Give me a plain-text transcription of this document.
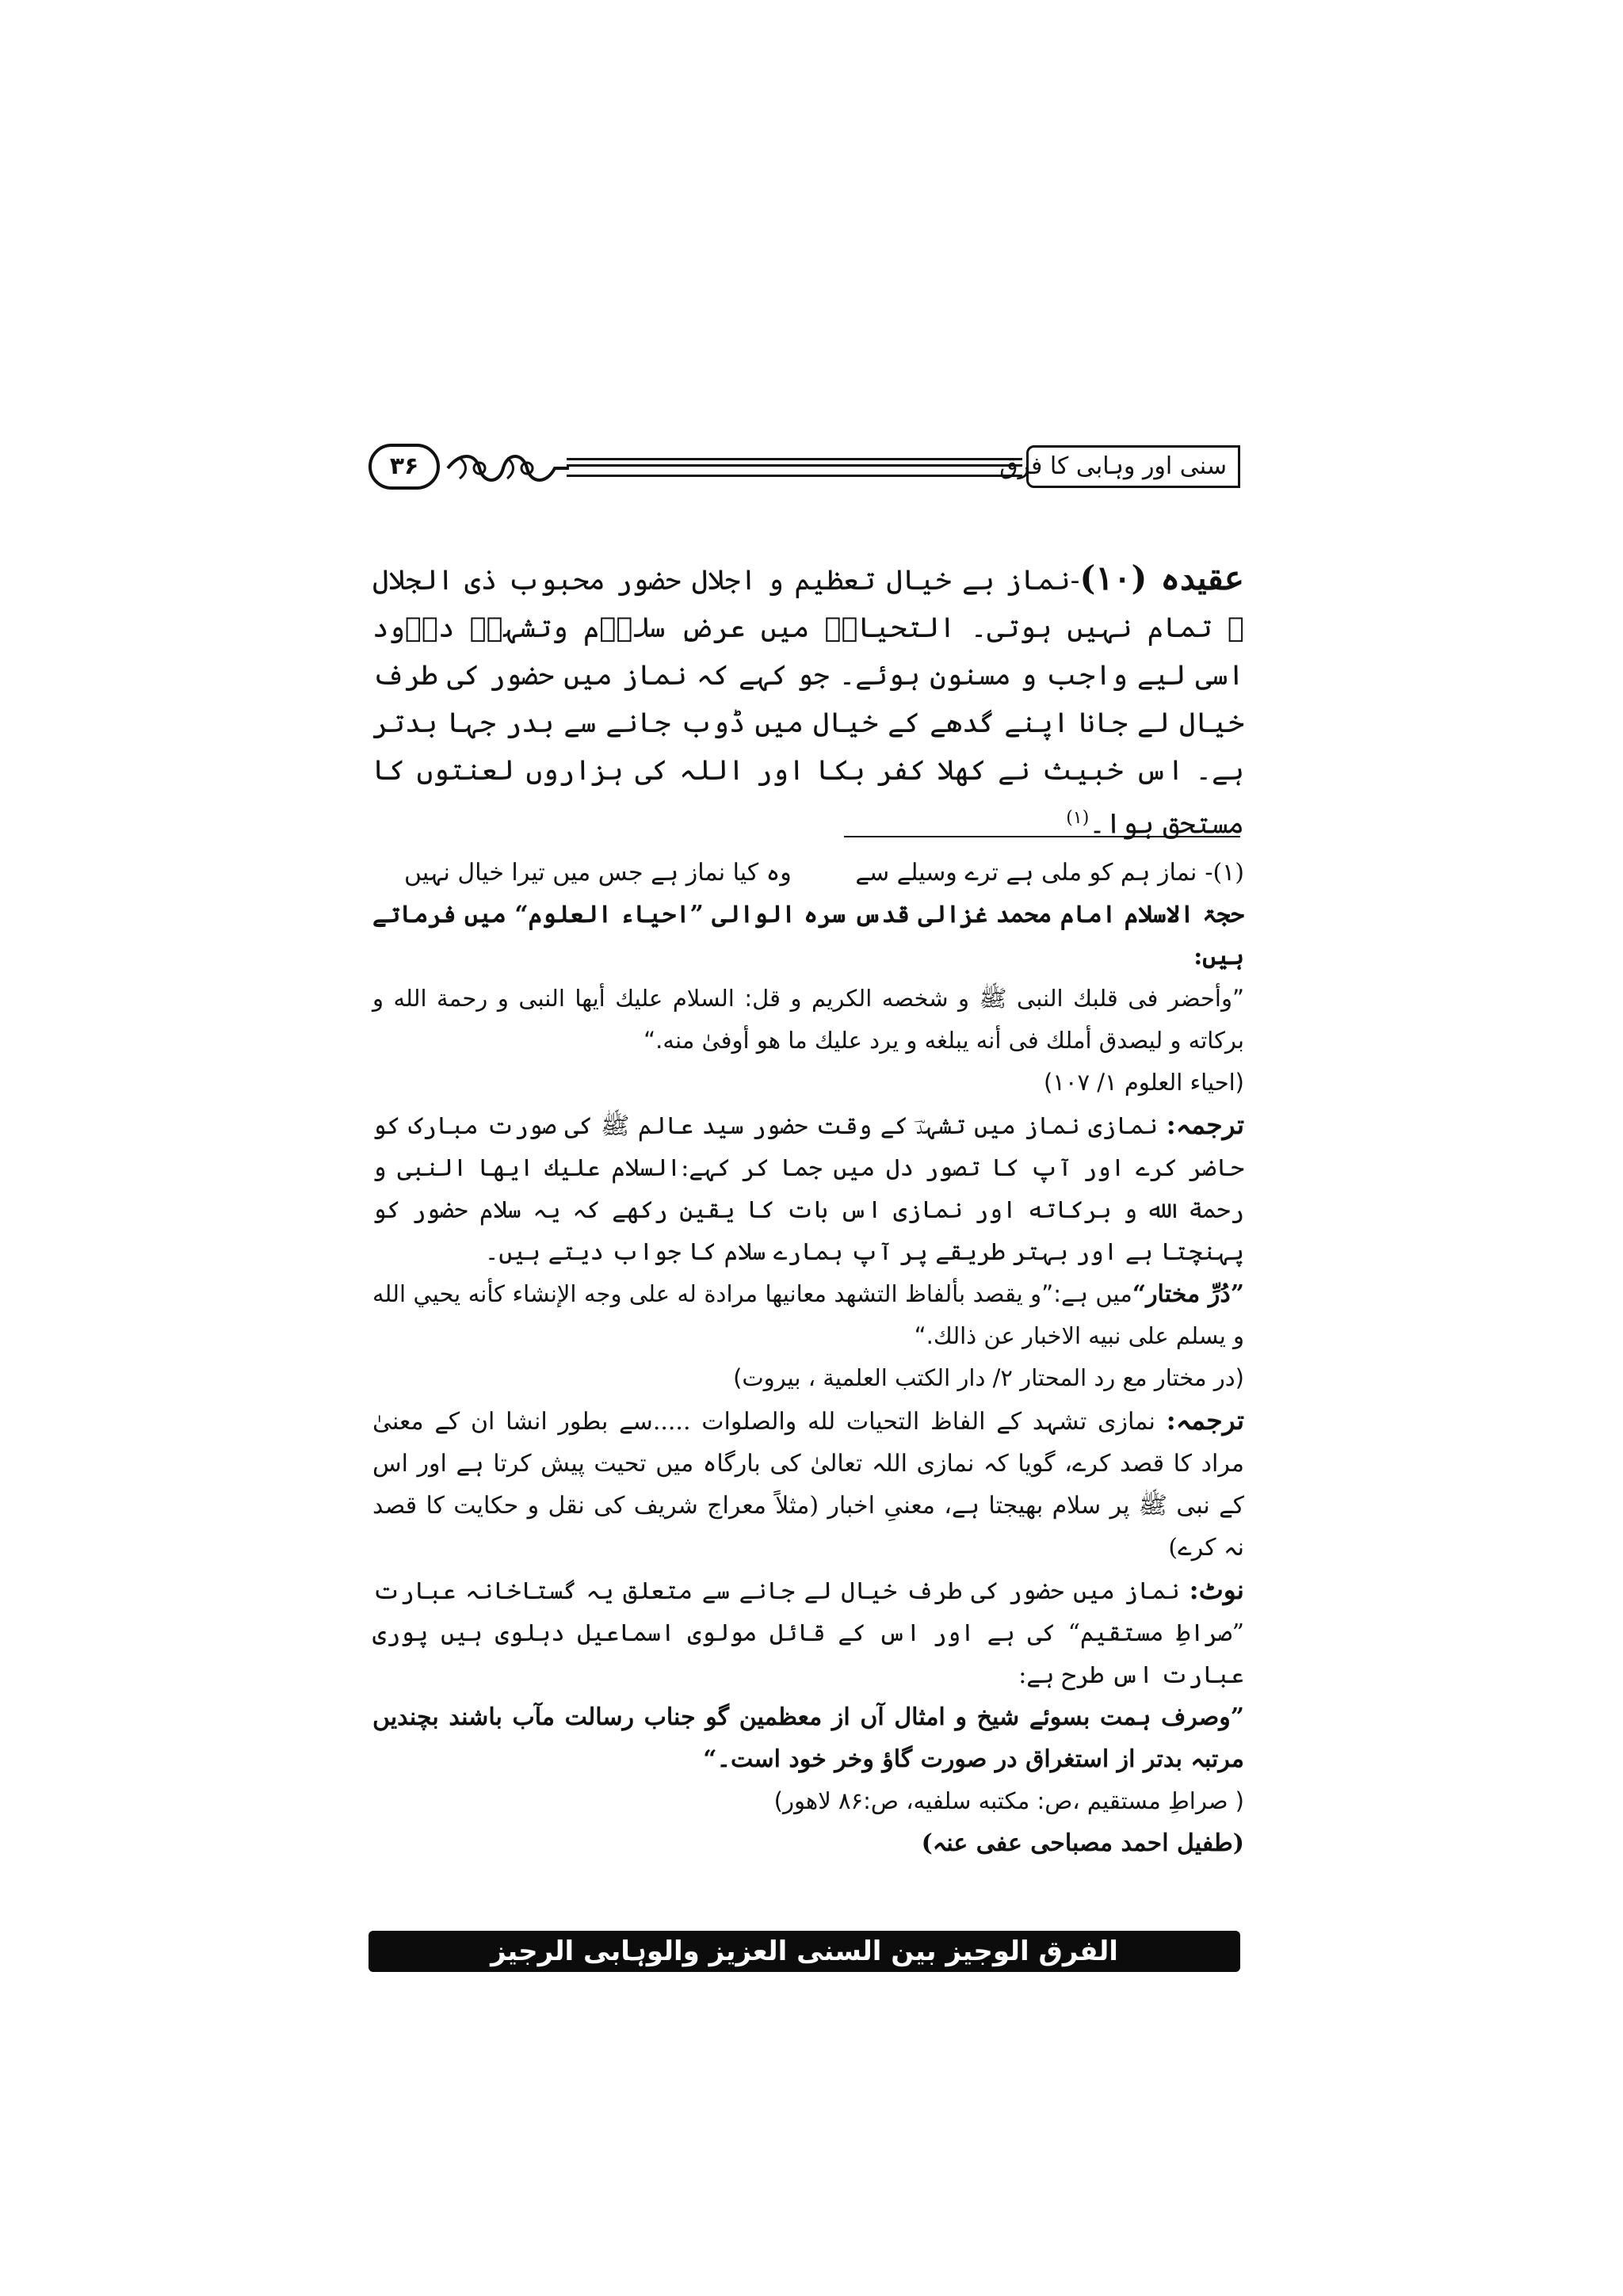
۳۶	سنی اور وہابی کا فرق
عقیدہ (۱۰)-نماز بے خیال تعظیم و اجلال حضور محبوب ذی الجلال ﷺ تمام نہیں ہوتی۔ التحیاتؔ میں عرضِ سلاؔم وتشہدؔ درؔود اسی لیے واجب و مسنون ہوئے۔ جو کہے کہ نماز میں حضور کی طرف خیال لے جانا اپنے گدھے کے خیال میں ڈوب جانے سے بدر جہا بدتر ہے۔ اس خبیث نے کھلا کفر بکا اور اللہ کی ہزاروں لعنتوں کا مستحق ہوا۔$^{(۱)}$
(۱)-نماز ہم کو ملی ہے ترے وسیلے سے
وہ کیا نماز ہے جس میں تیرا خیال نہیں

حجۃ الاسلام امام محمد غزالی قدس سرہ الوالی ”احیاء العلوم“ میں فرماتے ہیں:

”وأحضر فی قلبك النبی ﷺ و شخصه الكريم و قل: السلام عليك أيها النبی و رحمة الله و بركاته و ليصدق أملك فی أنه يبلغه و يرد عليك ما هو أوفیٰ منه.“

(احیاء العلوم ۱/ ۱۰۷)

ترجمہ: نمازی نماز میں تشہدؔ کے وقت حضور سید عالم ﷺ کی صورت مبارک کو حاضر کرے اور آپ کا تصور دل میں جما کر کہے:السلام علیك ایها النبی و رحمة الله و بركاته اور نمازی اس بات کا یقین رکھے کہ یہ سلام حضور کو پہنچتا ہے اور بہتر طریقے پر آپ ہمارے سلام کا جواب دیتے ہیں۔

”دُرِّ مختار“میں ہے:”و يقصد بألفاظ التشهد معانيها مرادة له علی وجه الإنشاء كأنه يحيي الله و يسلم علی نبيه الاخبار عن ذالك.“

(در مختار مع رد المحتار ۲/ دار الکتب العلمیة ، بیروت)

ترجمہ: نمازی تشہد کے الفاظ التحیات لله والصلوات .....سے بطور انشا ان کے معنیٰ مراد کا قصد کرے، گویا کہ نمازی اللہ تعالیٰ کی بارگاہ میں تحیت پیش کرتا ہے اور اس کے نبی ﷺ پر سلام بھیجتا ہے، معنیِ اخبار (مثلاً معراج شریف کی نقل و حکایت کا قصد نہ کرے)

نوٹ: نماز میں حضور کی طرف خیال لے جانے سے متعلق یہ گستاخانہ عبارت ”صراطِ مستقیم“ کی ہے اور اس کے قائل مولوی اسماعیل دہلوی ہیں پوری عبارت اس طرح ہے:

”وصرف ہمت بسوئے شیخ و امثال آں از معظمین گو جناب رسالت مآب باشند بچندیں مرتبہ بدتر از استغراق در صورت گاؤ وخر خود است۔“

( صراطِ مستقيم ،ص: مکتبه سلفیه، ص:۸۶ لاهور)

(طفیل احمد مصباحی عفی عنہ)

الفرق الوجیز بین السنی العزیز والوہابی الرجیز
